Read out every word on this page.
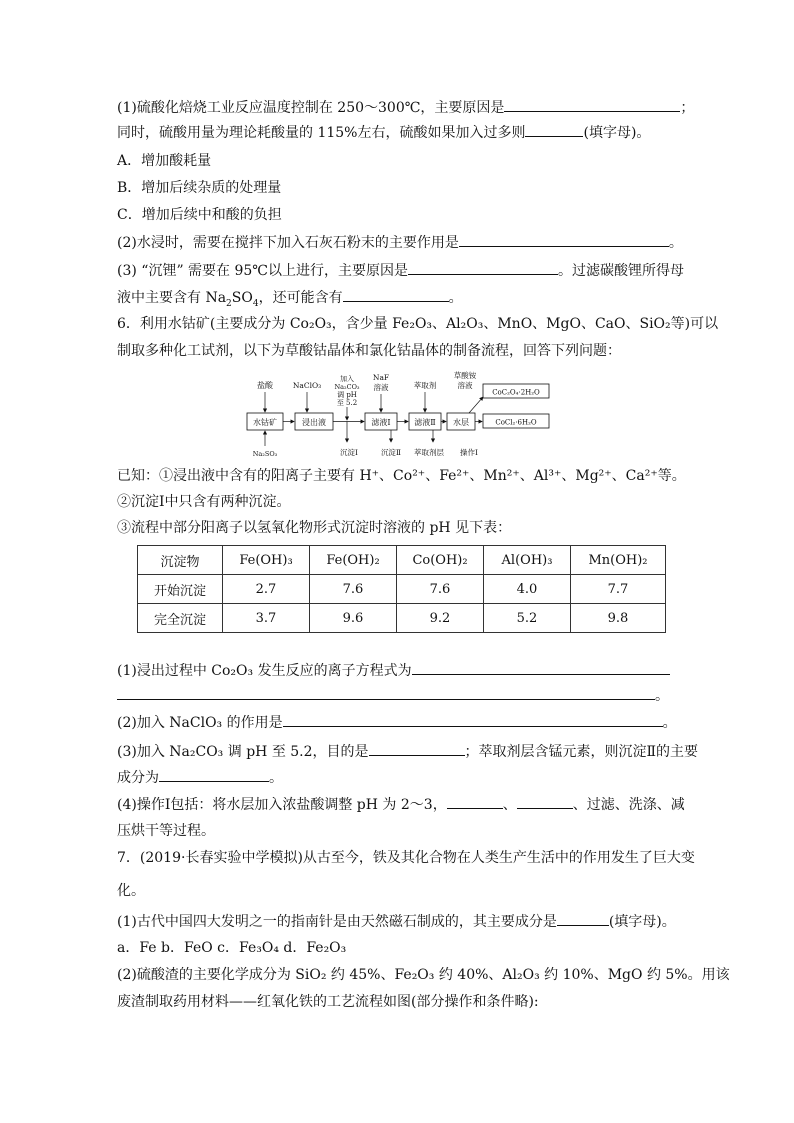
(1)硫酸化焙烧工业反应温度控制在 250～300℃，主要原因是	；
同时，硫酸用量为理论耗酸量的 115%左右，硫酸如果加入过多则	(填字母)。
A．增加酸耗量
B．增加后续杂质的处理量
C．增加后续中和酸的负担
(2)水浸时，需要在搅拌下加入石灰石粉末的主要作用是	。
(3) “沉锂” 需要在 95℃以上进行，主要原因是	。过滤碳酸锂所得母
液中主要含有 $Na_2SO_4$，还可能含有	。
6．利用水钴矿(主要成分为 Co₂O₃，含少量 Fe₂O₃、Al₂O₃、MnO、MgO、CaO、SiO₂等)可以
制取多种化工试剂，以下为草酸钴晶体和氯化钴晶体的制备流程，回答下列问题：
水钴矿	浸出液	滤液Ⅰ	滤液Ⅱ 水层
CoC₂O₄·2H₂O
CoCl₂·6H₂O
盐酸	NaClO₃
加入
Na₂CO₃
调 pH
至 5.2
NaF
溶液	萃取剂
草酸铵
溶液
Na₂SO₃	沉淀Ⅰ	沉淀Ⅱ 萃取剂层 操作Ⅰ
已知：①浸出液中含有的阳离子主要有 H⁺、Co²⁺、Fe²⁺、Mn²⁺、Al³⁺、Mg²⁺、Ca²⁺等。
②沉淀Ⅰ中只含有两种沉淀。
③流程中部分阳离子以氢氧化物形式沉淀时溶液的 pH 见下表：
沉淀物	Fe(OH)₃	Fe(OH)₂	Co(OH)₂	Al(OH)₃	Mn(OH)₂
开始沉淀	2.7	7.6	7.6	4.0	7.7
完全沉淀	3.7	9.6	9.2	5.2	9.8
(1)浸出过程中 Co₂O₃ 发生反应的离子方程式为
。
(2)加入 NaClO₃ 的作用是	。
(3)加入 Na₂CO₃ 调 pH 至 5.2，目的是	；萃取剂层含锰元素，则沉淀Ⅱ的主要
成分为	。
(4)操作Ⅰ包括：将水层加入浓盐酸调整 pH 为 2～3，	、	、过滤、洗涤、减
压烘干等过程。
7．(2019·长春实验中学模拟)从古至今，铁及其化合物在人类生产生活中的作用发生了巨大变
化。
(1)古代中国四大发明之一的指南针是由天然磁石制成的，其主要成分是	(填字母)。
a．Fe b．FeO c．Fe₃O₄ d．Fe₂O₃
(2)硫酸渣的主要化学成分为 SiO₂ 约 45%、Fe₂O₃ 约 40%、Al₂O₃ 约 10%、MgO 约 5%。用该
废渣制取药用材料——红氧化铁的工艺流程如图(部分操作和条件略):
